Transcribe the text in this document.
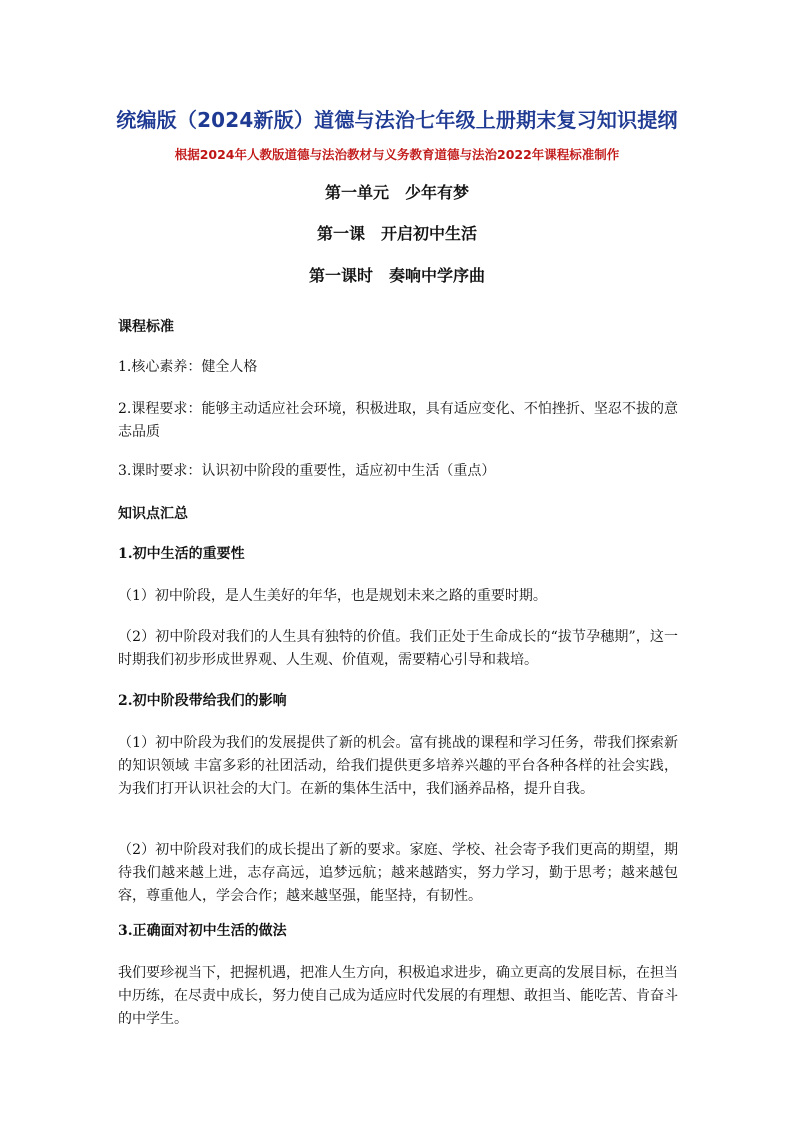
统编版（2024新版）道德与法治七年级上册期末复习知识提纲
根据2024年人教版道德与法治教材与义务教育道德与法治2022年课程标准制作
第一单元　少年有梦
第一课　开启初中生活
第一课时　奏响中学序曲
课程标准
1.核心素养：健全人格
2.课程要求：能够主动适应社会环境，积极进取，具有适应变化、不怕挫折、坚忍不拔的意志品质
3.课时要求：认识初中阶段的重要性，适应初中生活（重点）
知识点汇总
1.初中生活的重要性
（1）初中阶段，是人生美好的年华，也是规划未来之路的重要时期。
（2）初中阶段对我们的人生具有独特的价值。我们正处于生命成长的“拔节孕穗期”，这一时期我们初步形成世界观、人生观、价值观，需要精心引导和栽培。
2.初中阶段带给我们的影响
（1）初中阶段为我们的发展提供了新的机会。富有挑战的课程和学习任务，带我们探索新的知识领域 丰富多彩的社团活动，给我们提供更多培养兴趣的平台各种各样的社会实践，为我们打开认识社会的大门。在新的集体生活中，我们涵养品格，提升自我。
（2）初中阶段对我们的成长提出了新的要求。家庭、学校、社会寄予我们更高的期望，期待我们越来越上进，志存高远，追梦远航；越来越踏实，努力学习，勤于思考；越来越包容，尊重他人，学会合作；越来越坚强，能坚持，有韧性。
3.正确面对初中生活的做法
我们要珍视当下，把握机遇，把准人生方向，积极追求进步，确立更高的发展目标，在担当中历练，在尽责中成长，努力使自己成为适应时代发展的有理想、敢担当、能吃苦、肯奋斗的中学生。
